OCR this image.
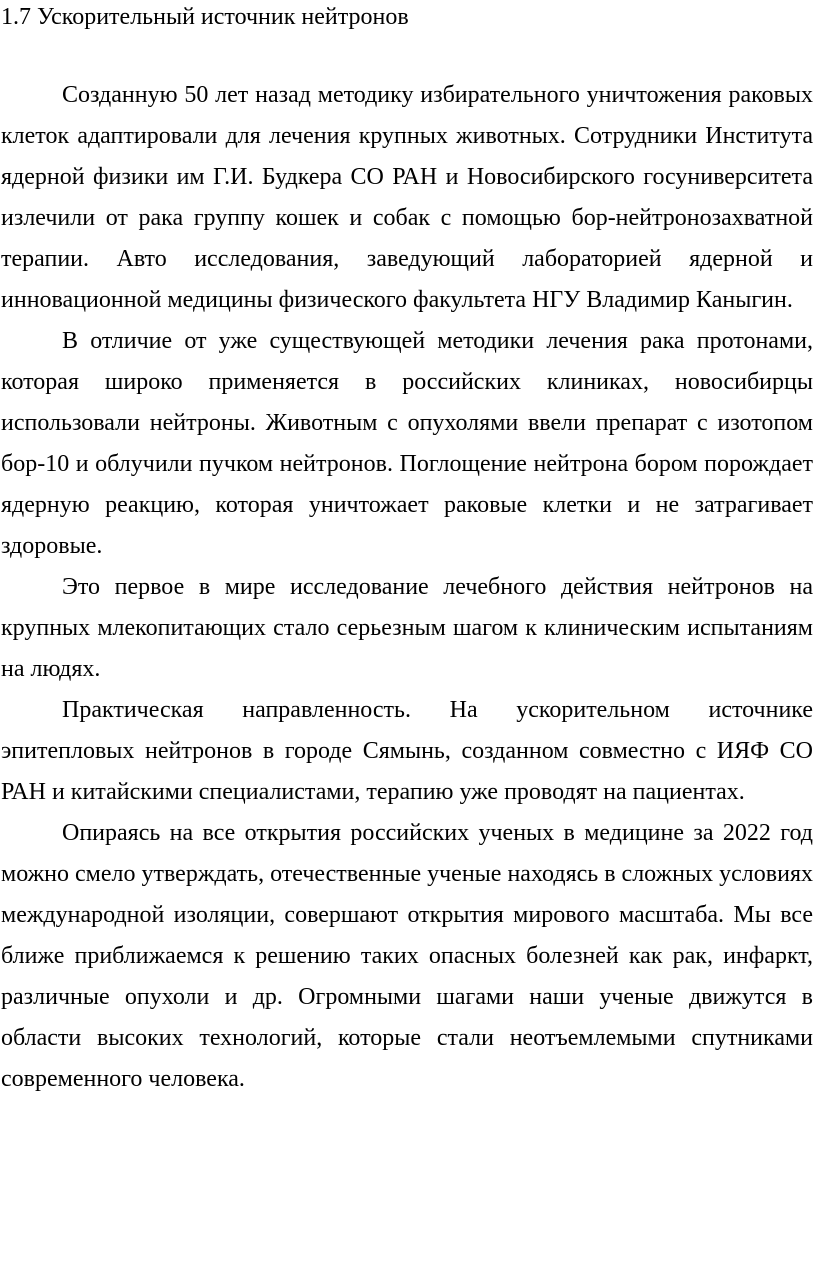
1.7 Ускорительный источник нейтронов

Созданную 50 лет назад методику избирательного уничтожения раковых клеток адаптировали для лечения крупных животных. Сотрудники Института ядерной физики им Г.И. Будкера СО РАН и Новосибирского госуниверситета излечили от рака группу кошек и собак с помощью бор-нейтронозахватной терапии. Авто исследования, заведующий лабораторией ядерной и инновационной медицины физического факультета НГУ Владимир Каныгин.

В отличие от уже существующей методики лечения рака протонами, которая широко применяется в российских клиниках, новосибирцы использовали нейтроны. Животным с опухолями ввели препарат с изотопом бор-10 и облучили пучком нейтронов. Поглощение нейтрона бором порождает ядерную реакцию, которая уничтожает раковые клетки и не затрагивает здоровые.

Это первое в мире исследование лечебного действия нейтронов на крупных млекопитающих стало серьезным шагом к клиническим испытаниям на людях.

Практическая направленность. На ускорительном источнике эпитепловых нейтронов в городе Сямынь, созданном совместно с ИЯФ СО РАН и китайскими специалистами, терапию уже проводят на пациентах.

Опираясь на все открытия российских ученых в медицине за 2022 год можно смело утверждать, отечественные ученые находясь в сложных условиях международной изоляции, совершают открытия мирового масштаба. Мы все ближе приближаемся к решению таких опасных болезней как рак, инфаркт, различные опухоли и др. Огромными шагами наши ученые движутся в области высоких технологий, которые стали неотъемлемыми спутниками современного человека.
